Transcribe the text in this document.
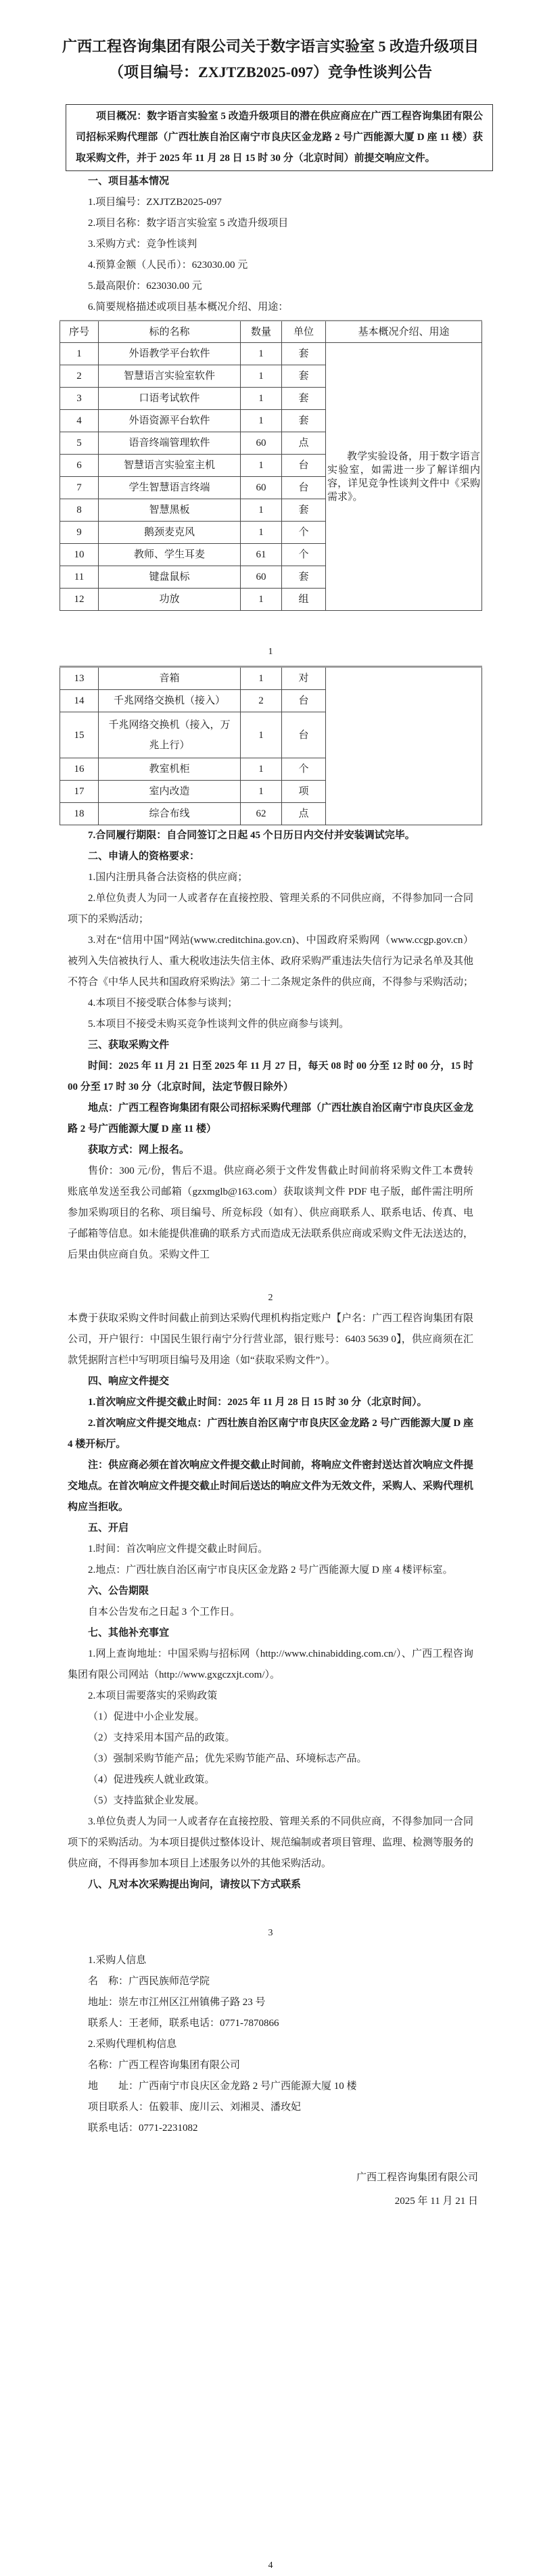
广西工程咨询集团有限公司关于数字语言实验室 5 改造升级项目
（项目编号：ZXJTZB2025-097）竞争性谈判公告

项目概况：数字语言实验室 5 改造升级项目的潜在供应商应在广西工程咨询集团有限公司招标采购代理部（广西壮族自治区南宁市良庆区金龙路 2 号广西能源大厦 D 座 11 楼）获取采购文件，并于 2025 年 11 月 28 日 15 时 30 分（北京时间）前提交响应文件。

一、项目基本情况

1.项目编号：ZXJTZB2025-097

2.项目名称：数字语言实验室 5 改造升级项目

3.采购方式：竞争性谈判

4.预算金额（人民币）：623030.00 元

5.最高限价：623030.00 元

6.简要规格描述或项目基本概况介绍、用途：

序号	标的名称	数量	单位	基本概况介绍、用途
1	外语教学平台软件	1	套	教学实验设备，用于数字语言实验室，如需进一步了解详细内容，详见竞争性谈判文件中《采购需求》。

2	智慧语言实验室软件	1	套	
3	口语考试软件	1	套	
4	外语资源平台软件	1	套	
5	语音终端管理软件	60	点	
6	智慧语言实验室主机	1	台	
7	学生智慧语言终端	60	台	
8	智慧黑板	1	套	
9	鹅颈麦克风	1	个	
10	教师、学生耳麦	61	个	
11	键盘鼠标	60	套	
12	功放	1	组	

1

13	音箱	1	对	
14	千兆网络交换机（接入）	2	台	
15	千兆网络交换机（接入，万兆上行）	1	台	
16	教室机柜	1	个	
17	室内改造	1	项	
18	综合布线	62	点	

7.合同履行期限：自合同签订之日起 45 个日历日内交付并安装调试完毕。

二、申请人的资格要求：

1.国内注册具备合法资格的供应商；

2.单位负责人为同一人或者存在直接控股、管理关系的不同供应商，不得参加同一合同项下的采购活动；

3.对在“信用中国”网站(www.creditchina.gov.cn)、中国政府采购网（www.ccgp.gov.cn）被列入失信被执行人、重大税收违法失信主体、政府采购严重违法失信行为记录名单及其他不符合《中华人民共和国政府采购法》第二十二条规定条件的供应商，不得参与采购活动；

4.本项目不接受联合体参与谈判；

5.本项目不接受未购买竞争性谈判文件的供应商参与谈判。

三、获取采购文件

时间：2025 年 11 月 21 日至 2025 年 11 月 27 日，每天 08 时 00 分至 12 时 00 分，15 时 00 分至 17 时 30 分（北京时间，法定节假日除外）

地点：广西工程咨询集团有限公司招标采购代理部（广西壮族自治区南宁市良庆区金龙路 2 号广西能源大厦 D 座 11 楼）

获取方式：网上报名。

售价：300 元/份，售后不退。供应商必须于文件发售截止时间前将采购文件工本费转账底单发送至我公司邮箱（gzxmglb@163.com）获取谈判文件 PDF 电子版，邮件需注明所参加采购项目的名称、项目编号、所竞标段（如有）、供应商联系人、联系电话、传真、电子邮箱等信息。如未能提供准确的联系方式而造成无法联系供应商或采购文件无法送达的，后果由供应商自负。采购文件工

2

本费于获取采购文件时间截止前到达采购代理机构指定账户【户名：广西工程咨询集团有限公司，开户银行：中国民生银行南宁分行营业部，银行账号：6403 5639 0】，供应商须在汇款凭据附言栏中写明项目编号及用途（如“获取采购文件”）。

四、响应文件提交

1.首次响应文件提交截止时间：2025 年 11 月 28 日 15 时 30 分（北京时间）。

2.首次响应文件提交地点：广西壮族自治区南宁市良庆区金龙路 2 号广西能源大厦 D 座 4 楼开标厅。

注：供应商必须在首次响应文件提交截止时间前，将响应文件密封送达首次响应文件提交地点。在首次响应文件提交截止时间后送达的响应文件为无效文件，采购人、采购代理机构应当拒收。

五、开启

1.时间：首次响应文件提交截止时间后。

2.地点：广西壮族自治区南宁市良庆区金龙路 2 号广西能源大厦 D 座 4 楼评标室。

六、公告期限

自本公告发布之日起 3 个工作日。

七、其他补充事宜

1.网上查询地址：中国采购与招标网（http://www.chinabidding.com.cn/）、广西工程咨询集团有限公司网站（http://www.gxgczxjt.com/）。

2.本项目需要落实的采购政策

（1）促进中小企业发展。

（2）支持采用本国产品的政策。

（3）强制采购节能产品；优先采购节能产品、环境标志产品。

（4）促进残疾人就业政策。

（5）支持监狱企业发展。

3.单位负责人为同一人或者存在直接控股、管理关系的不同供应商，不得参加同一合同项下的采购活动。为本项目提供过整体设计、规范编制或者项目管理、监理、检测等服务的供应商，不得再参加本项目上述服务以外的其他采购活动。

八、凡对本次采购提出询问，请按以下方式联系

3

1.采购人信息

名　称：广西民族师范学院

地址：崇左市江州区江州镇佛子路 23 号

联系人：王老师，联系电话：0771-7870866

2.采购代理机构信息

名称：广西工程咨询集团有限公司

地　　址：广西南宁市良庆区金龙路 2 号广西能源大厦 10 楼

项目联系人：伍毅菲、庞川云、刘湘灵、潘玫妃

联系电话：0771-2231082

广西工程咨询集团有限公司

2025 年 11 月 21 日

4
